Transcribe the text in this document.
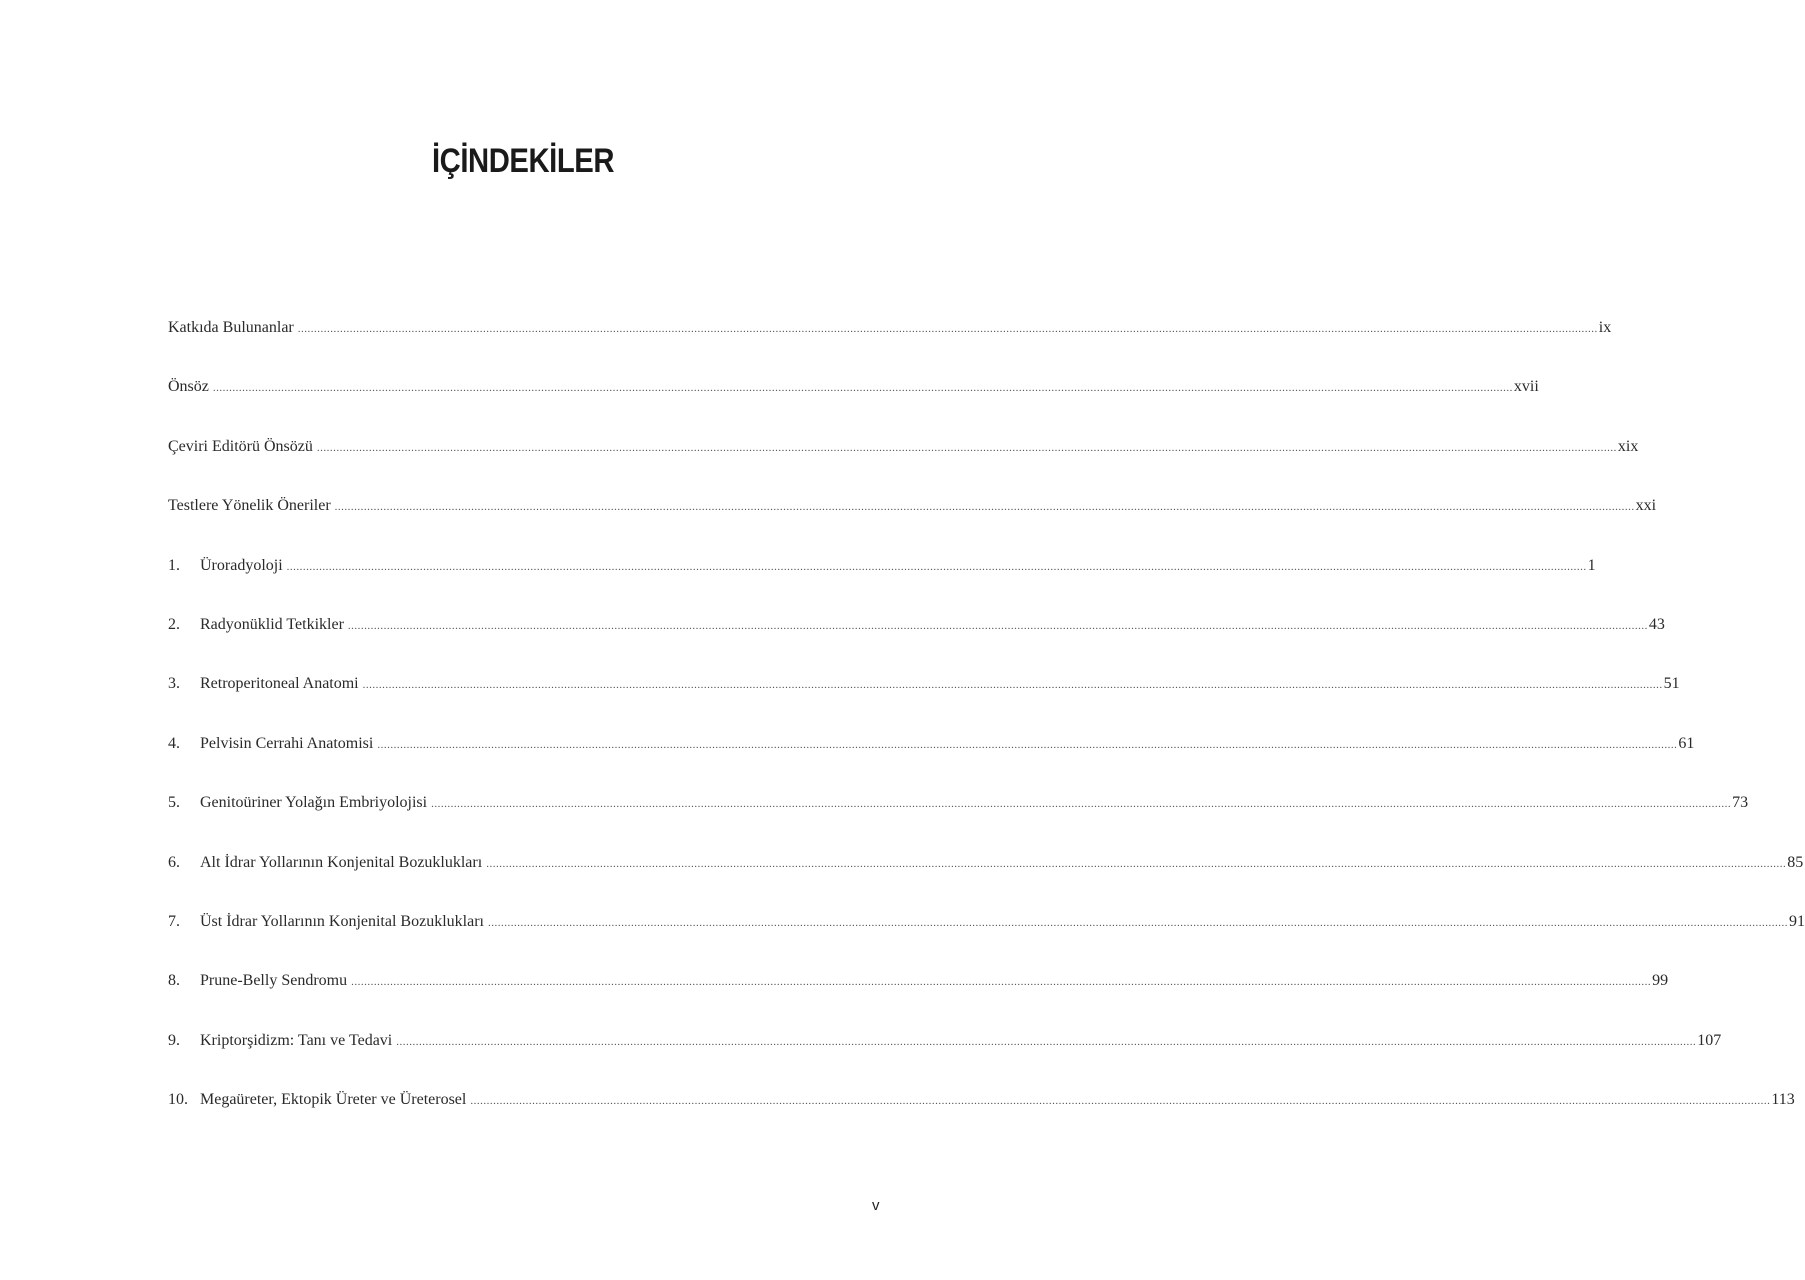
İÇİNDEKİLER
Katkıda Bulunanlar ................................................................................................................................................................................................................................................................................................................................................................................................................ ix
Önsöz ................................................................................................................................................................................................................................................................................................................................................................................................................ xvii
Çeviri Editörü Önsözü ................................................................................................................................................................................................................................................................................................................................................................................................................ xix
Testlere Yönelik Öneriler ................................................................................................................................................................................................................................................................................................................................................................................................................ xxi
1.	Üroradyoloji ................................................................................................................................................................................................................................................................................................................................................................................................................ 1
2.	Radyonüklid Tetkikler ................................................................................................................................................................................................................................................................................................................................................................................................................ 43
3.	Retroperitoneal Anatomi ................................................................................................................................................................................................................................................................................................................................................................................................................ 51
4.	Pelvisin Cerrahi Anatomisi ................................................................................................................................................................................................................................................................................................................................................................................................................ 61
5.	Genitoüriner Yolağın Embriyolojisi ................................................................................................................................................................................................................................................................................................................................................................................................................ 73
6.	Alt İdrar Yollarının Konjenital Bozuklukları ................................................................................................................................................................................................................................................................................................................................................................................................................ 85
7.	Üst İdrar Yollarının Konjenital Bozuklukları ................................................................................................................................................................................................................................................................................................................................................................................................................ 91
8.	Prune-Belly Sendromu ................................................................................................................................................................................................................................................................................................................................................................................................................ 99
9.	Kriptorşidizm: Tanı ve Tedavi ................................................................................................................................................................................................................................................................................................................................................................................................................ 107
10. Megaüreter, Ektopik Üreter ve Üreterosel ................................................................................................................................................................................................................................................................................................................................................................................................................ 113
v
